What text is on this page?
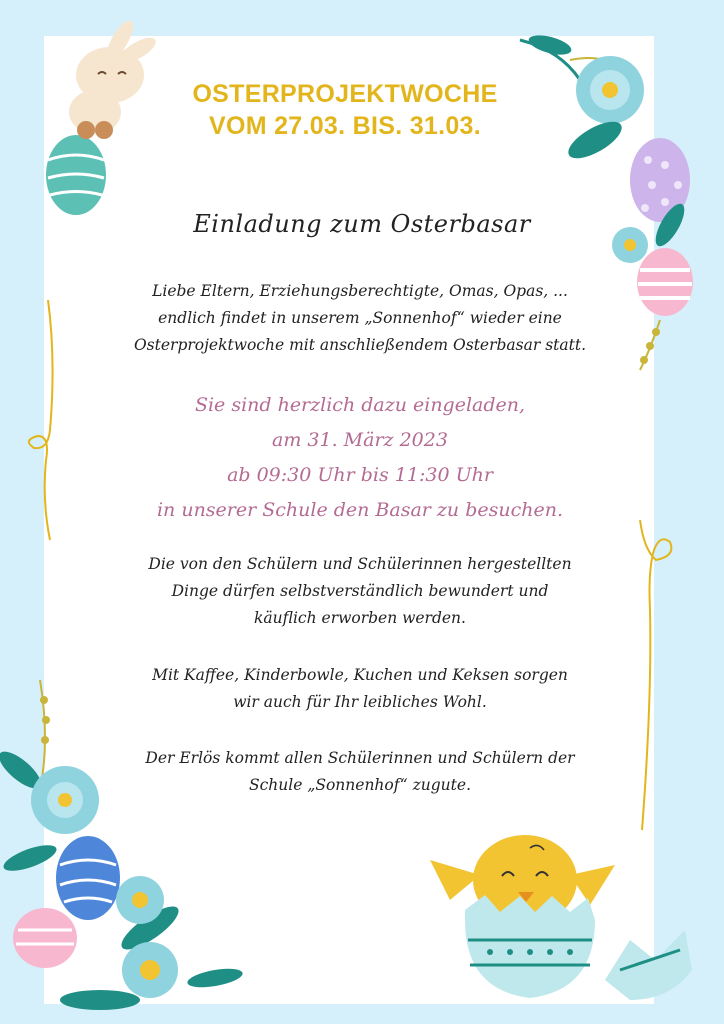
OSTERPROJEKTWOCHE
VOM 27.03. BIS. 31.03.
Einladung zum Osterbasar
Liebe Eltern, Erziehungsberechtigte, Omas, Opas, ...
endlich findet in unserem „Sonnenhof“ wieder eine
Osterprojektwoche mit anschließendem Osterbasar statt.
Sie sind herzlich dazu eingeladen,
am 31. März 2023
ab 09:30 Uhr bis 11:30 Uhr
in unserer Schule den Basar zu besuchen.
Die von den Schülern und Schülerinnen hergestellten
Dinge dürfen selbstverständlich bewundert und
käuflich erworben werden.
Mit Kaffee, Kinderbowle, Kuchen und Keksen sorgen
wir auch für Ihr leibliches Wohl.
Der Erlös kommt allen Schülerinnen und Schülern der
Schule „Sonnenhof“ zugute.
